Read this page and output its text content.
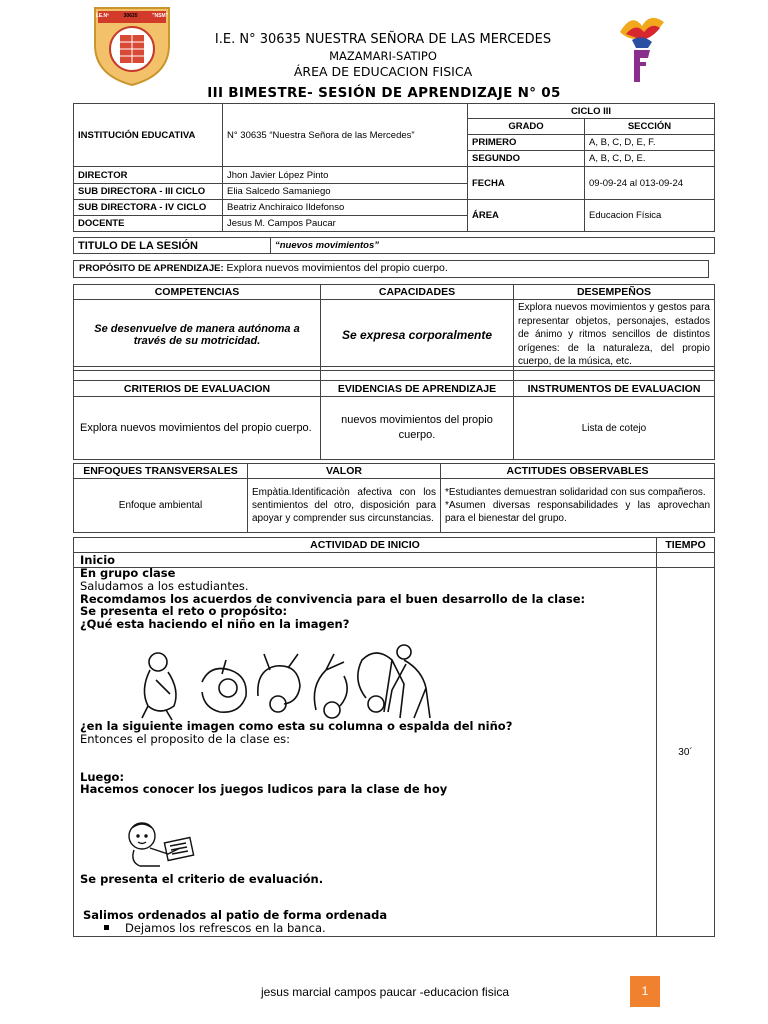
I.E.Nº	30635	"NSM"
I.E. N° 30635 NUESTRA SEÑORA DE LAS MERCEDES
MAZAMARI-SATIPO
ÁREA DE EDUCACION FISICA
III BIMESTRE- SESIÓN DE APRENDIZAJE N° 05
INSTITUCIÓN EDUCATIVA	N° 30635 “Nuestra Señora de las Mercedes”	CICLO III	
		GRADO	SECCIÓN
		PRIMERO	A, B, C, D, E, F.
		SEGUNDO	A, B, C, D, E.
DIRECTOR	Jhon Javier López Pinto	FECHA	09-09-24 al 013-09-24
SUB DIRECTORA - III CICLO	Elia Salcedo Samaniego		
SUB DIRECTORA - IV CICLO	Beatriz Anchiraico Ildefonso	ÁREA	Educacion Física
DOCENTE	Jesus M. Campos Paucar		
TITULO DE LA SESIÓN	“nuevos movimientos”
PROPÓSITO DE APRENDIZAJE: Explora nuevos movimientos del propio cuerpo.
COMPETENCIAS	CAPACIDADES	DESEMPEÑOS
Se desenvuelve de manera autónoma a través de su motricidad.	Se expresa corporalmente	Explora nuevos movimientos y gestos para representar objetos, personajes, estados de ánimo y ritmos sencillos de distintos orígenes: de la naturaleza, del propio cuerpo, de la música, etc.

CRITERIOS DE EVALUACION	EVIDENCIAS DE APRENDIZAJE	INSTRUMENTOS DE EVALUACION
Explora nuevos movimientos del propio cuerpo.	nuevos movimientos del propio cuerpo.	Lista de cotejo
ENFOQUES TRANSVERSALES	VALOR	ACTITUDES OBSERVABLES
Enfoque ambiental	Empàtia.Identificaciòn afectiva con los sentimientos del otro, disposición para apoyar y comprender sus circunstancias.	*Estudiantes demuestran solidaridad con sus compañeros.
*Asumen diversas responsabilidades y las aprovechan para el bienestar del grupo.
ACTIVIDAD DE INICIO	TIEMPO
Inicio	
	30´
En grupo clase
Saludamos a los estudiantes.
Recomdamos los acuerdos de convivencia para el buen desarrollo de la clase:
Se presenta el reto o propósito:
¿Qué esta haciendo el niño en la imagen?
¿en la siguiente imagen como esta su columna o espalda del niño?
Entonces el proposito de la clase es:
Luego:
Hacemos conocer los juegos ludicos para la clase de hoy
Se presenta el criterio de evaluación.
Salimos ordenados al patio de forma ordenada
Dejamos los refrescos en la banca.
jesus marcial campos paucar -educacion fisica	1
